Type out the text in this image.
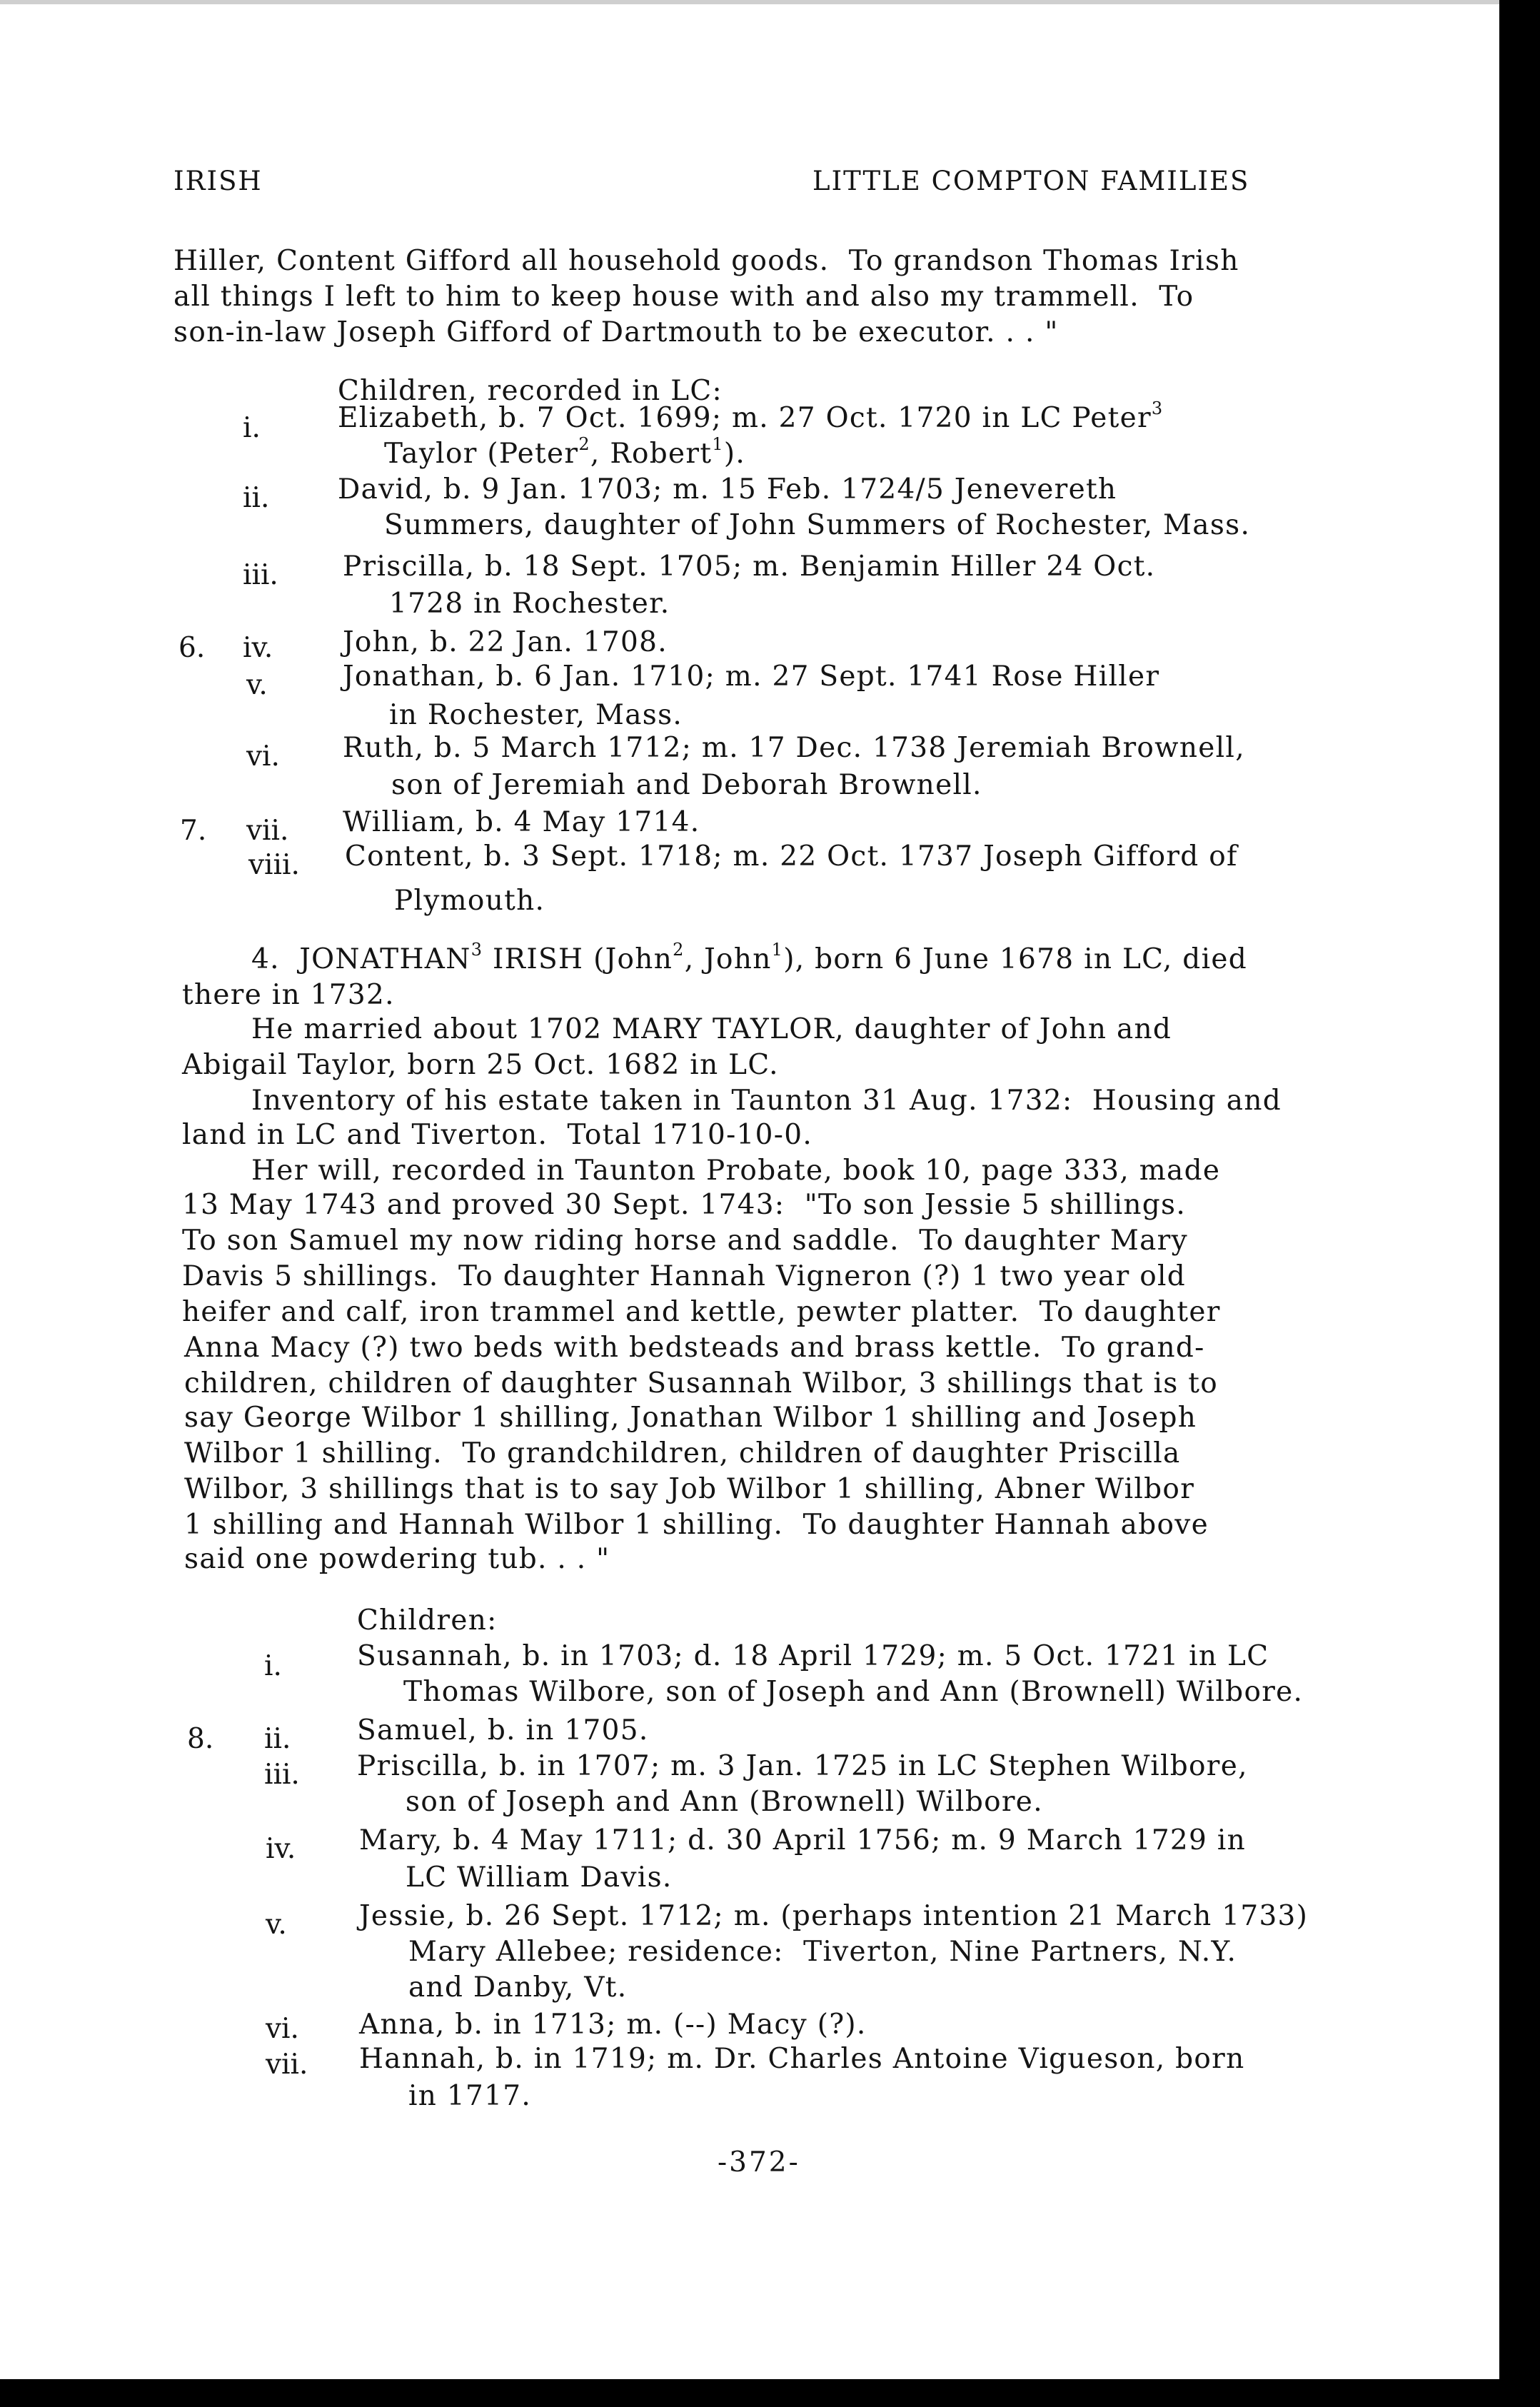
IRISH	LITTLE COMPTON FAMILIES
Hiller, Content Gifford all household goods.  To grandson Thomas Irish
all things I left to him to keep house with and also my trammell.  To
son-in-law Joseph Gifford of Dartmouth to be executor. . . "
Children, recorded in LC:
i.	Elizabeth, b. 7 Oct. 1699; m. 27 Oct. 1720 in LC Peter$^3$
Taylor (Peter$^2$, Robert$^1$).
ii. David, b. 9 Jan. 1703; m. 15 Feb. 1724/5 Jenevereth
Summers, daughter of John Summers of Rochester, Mass.
iii. Priscilla, b. 18 Sept. 1705; m. Benjamin Hiller 24 Oct.
1728 in Rochester.
6. iv.	John, b. 22 Jan. 1708.
v.	Jonathan, b. 6 Jan. 1710; m. 27 Sept. 1741 Rose Hiller
in Rochester, Mass.
vi. Ruth, b. 5 March 1712; m. 17 Dec. 1738 Jeremiah Brownell,
son of Jeremiah and Deborah Brownell.
7. vii. William, b. 4 May 1714.
viii. Content, b. 3 Sept. 1718; m. 22 Oct. 1737 Joseph Gifford of
Plymouth.
4.  JONATHAN$^3$ IRISH (John$^2$, John$^1$), born 6 June 1678 in LC, died
there in 1732.
He married about 1702 MARY TAYLOR, daughter of John and
Abigail Taylor, born 25 Oct. 1682 in LC.
Inventory of his estate taken in Taunton 31 Aug. 1732:  Housing and
land in LC and Tiverton.  Total 1710-10-0.
Her will, recorded in Taunton Probate, book 10, page 333, made
13 May 1743 and proved 30 Sept. 1743:  "To son Jessie 5 shillings.
To son Samuel my now riding horse and saddle.  To daughter Mary
Davis 5 shillings.  To daughter Hannah Vigneron (?) 1 two year old
heifer and calf, iron trammel and kettle, pewter platter.  To daughter
Anna Macy (?) two beds with bedsteads and brass kettle.  To grand-
children, children of daughter Susannah Wilbor, 3 shillings that is to
say George Wilbor 1 shilling, Jonathan Wilbor 1 shilling and Joseph
Wilbor 1 shilling.  To grandchildren, children of daughter Priscilla
Wilbor, 3 shillings that is to say Job Wilbor 1 shilling, Abner Wilbor
1 shilling and Hannah Wilbor 1 shilling.  To daughter Hannah above
said one powdering tub. . . "
Children:
i.	Susannah, b. in 1703; d. 18 April 1729; m. 5 Oct. 1721 in LC
Thomas Wilbore, son of Joseph and Ann (Brownell) Wilbore.
8. ii. Samuel, b. in 1705.
iii. Priscilla, b. in 1707; m. 3 Jan. 1725 in LC Stephen Wilbore,
son of Joseph and Ann (Brownell) Wilbore.
iv. Mary, b. 4 May 1711; d. 30 April 1756; m. 9 March 1729 in
LC William Davis.
v.	Jessie, b. 26 Sept. 1712; m. (perhaps intention 21 March 1733)
Mary Allebee; residence:  Tiverton, Nine Partners, N.Y.
and Danby, Vt.
vi. Anna, b. in 1713; m. (--) Macy (?).
vii. Hannah, b. in 1719; m. Dr. Charles Antoine Vigueson, born
in 1717.
-372-
